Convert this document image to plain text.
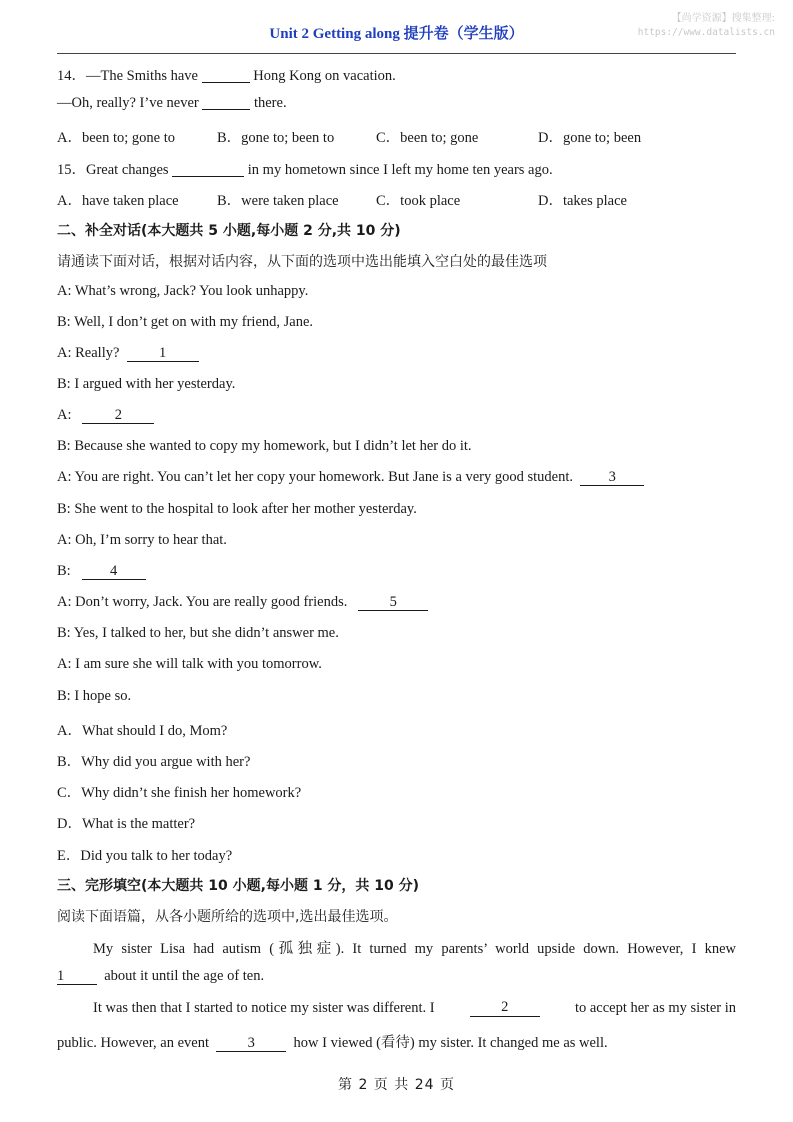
Unit 2 Getting along 提升卷（学生版）
【尚学资源】搜集整理:
https://www.datalists.cn
14．—The Smiths have	Hong Kong on vacation.
—Oh, really? I’ve never	there.
A．been to; gone to	B．gone to; been to	C．been to; gone	D．gone to; been
15．Great changes	in my hometown since I left my home ten years ago.
A．have taken place	B．were taken place	C．took place	D．takes place
二、补全对话(本大题共 5 小题,每小题 2 分,共 10 分)
请通读下面对话，根据对话内容，从下面的选项中选出能填入空白处的最佳选项
A: What’s wrong, Jack? You look unhappy.
B: Well, I don’t get on with my friend, Jane.
A: Really?	1
B: I argued with her yesterday.
A:	2
B: Because she wanted to copy my homework, but I didn’t let her do it.
A: You are right. You can’t let her copy your homework. But Jane is a very good student. 3
B: She went to the hospital to look after her mother yesterday.
A: Oh, I’m sorry to hear that.
B:	4
A: Don’t worry, Jack. You are really good friends.	5
B: Yes, I talked to her, but she didn’t answer me.
A: I am sure she will talk with you tomorrow.
B: I hope so.
A．What should I do, Mom?
B．Why did you argue with her?
C．Why didn’t she finish her homework?
D．What is the matter?
E．Did you talk to her today?
三、完形填空(本大题共 10 小题,每小题 1 分，共 10 分)
阅读下面语篇，从各小题所给的选项中,选出最佳选项。
My sister Lisa had autism (孤独症). It turned my parents’ world upside down. However, I knew
1	about it until the age of ten.
It was then that I started to notice my sister was different. I	2	to accept her as my sister in
public. However, an event	3	how I viewed (看待) my sister. It changed me as well.
第 2 页 共 24 页
